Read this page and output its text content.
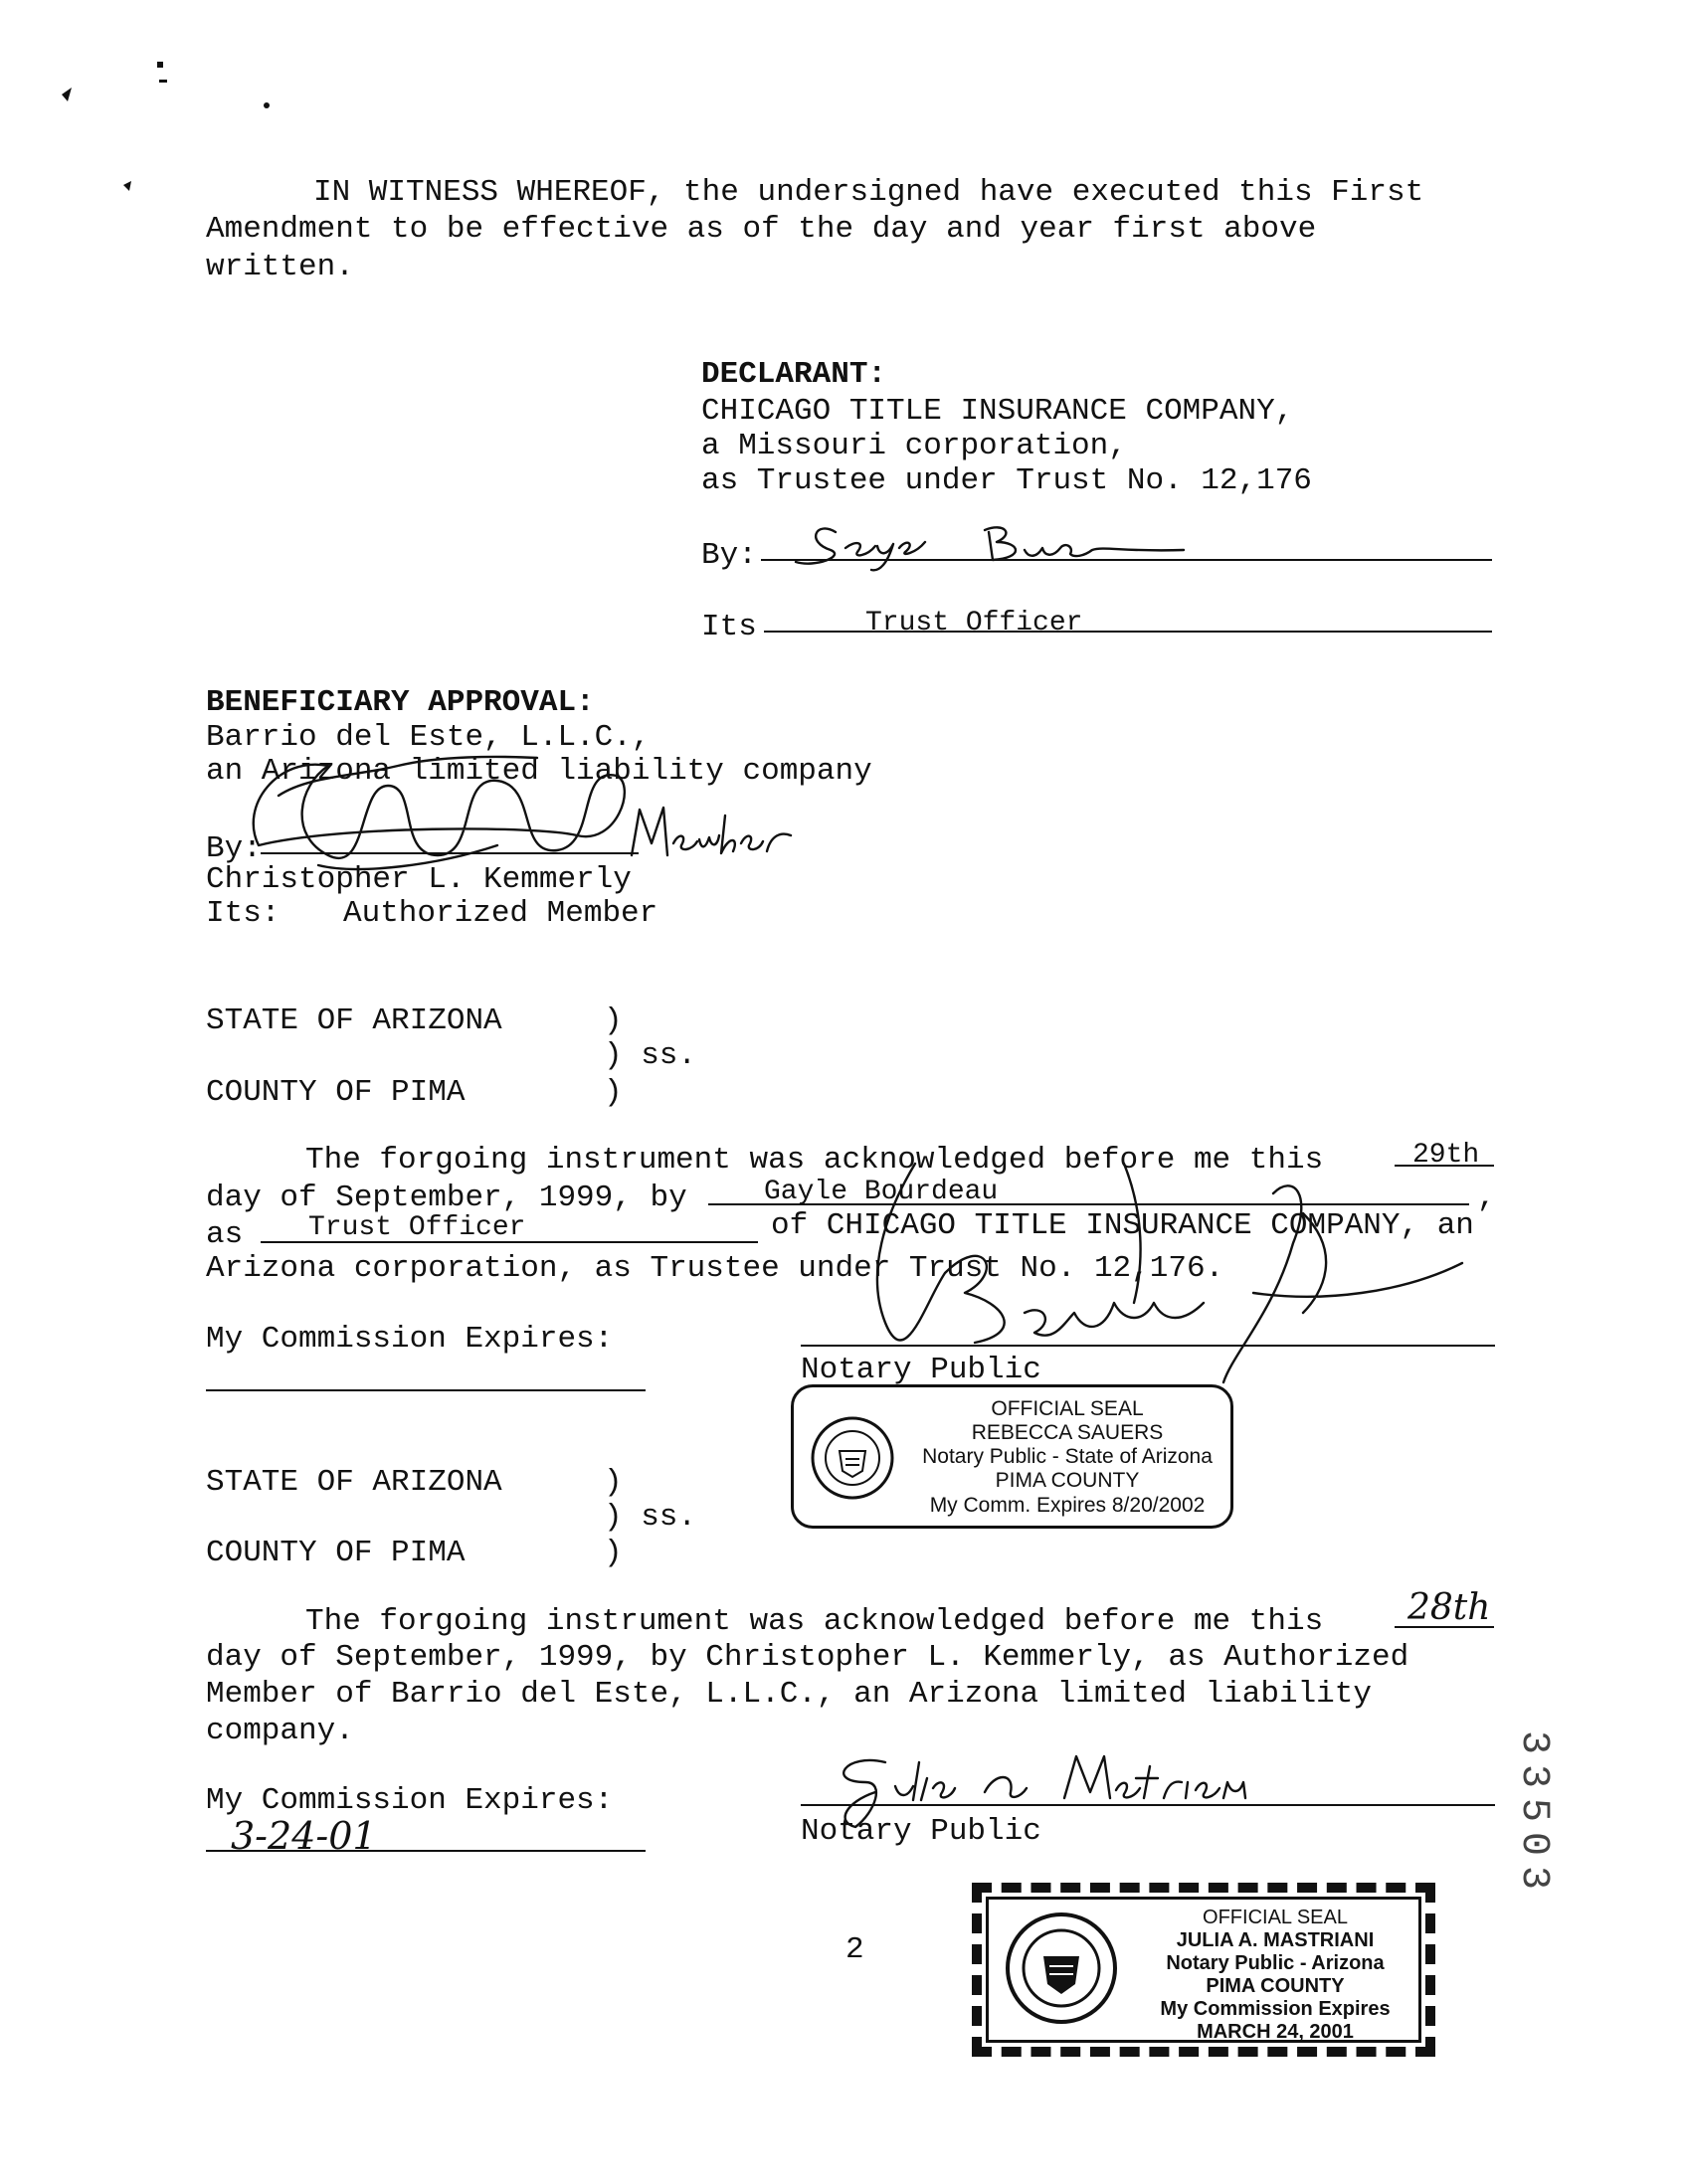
IN WITNESS WHEREOF, the undersigned have executed this First
Amendment to be effective as of the day and year first above
written.
DECLARANT:
CHICAGO TITLE INSURANCE COMPANY,
a Missouri corporation,
as Trustee under Trust No. 12,176
By:
Its	Trust Officer
BENEFICIARY APPROVAL:
Barrio del Este, L.L.C.,
an Arizona limited liability company
By:
Christopher L. Kemmerly
Its: Authorized Member
STATE OF ARIZONA	)
) ss.
COUNTY OF PIMA	)
The forgoing instrument was acknowledged before me this	29th
day of September, 1999, by	Gayle Bourdeau	,
as Trust Officer	of CHICAGO TITLE INSURANCE COMPANY, an
Arizona corporation, as Trustee under Trust No. 12,176.
My Commission Expires:
Notary Public
OFFICIAL SEAL
REBECCA SAUERS
Notary Public - State of Arizona
PIMA COUNTY
My Comm. Expires 8/20/2002
STATE OF ARIZONA	)
) ss.
COUNTY OF PIMA	)
The forgoing instrument was acknowledged before me this 28th
day of September, 1999, by Christopher L. Kemmerly, as Authorized
Member of Barrio del Este, L.L.C., an Arizona limited liability
company.
My Commission Expires:
3-24-01	Notary Public
OFFICIAL SEAL
JULIA A. MASTRIANI
Notary Public - Arizona
PIMA COUNTY
My Commission Expires
MARCH 24, 2001
2
33503
